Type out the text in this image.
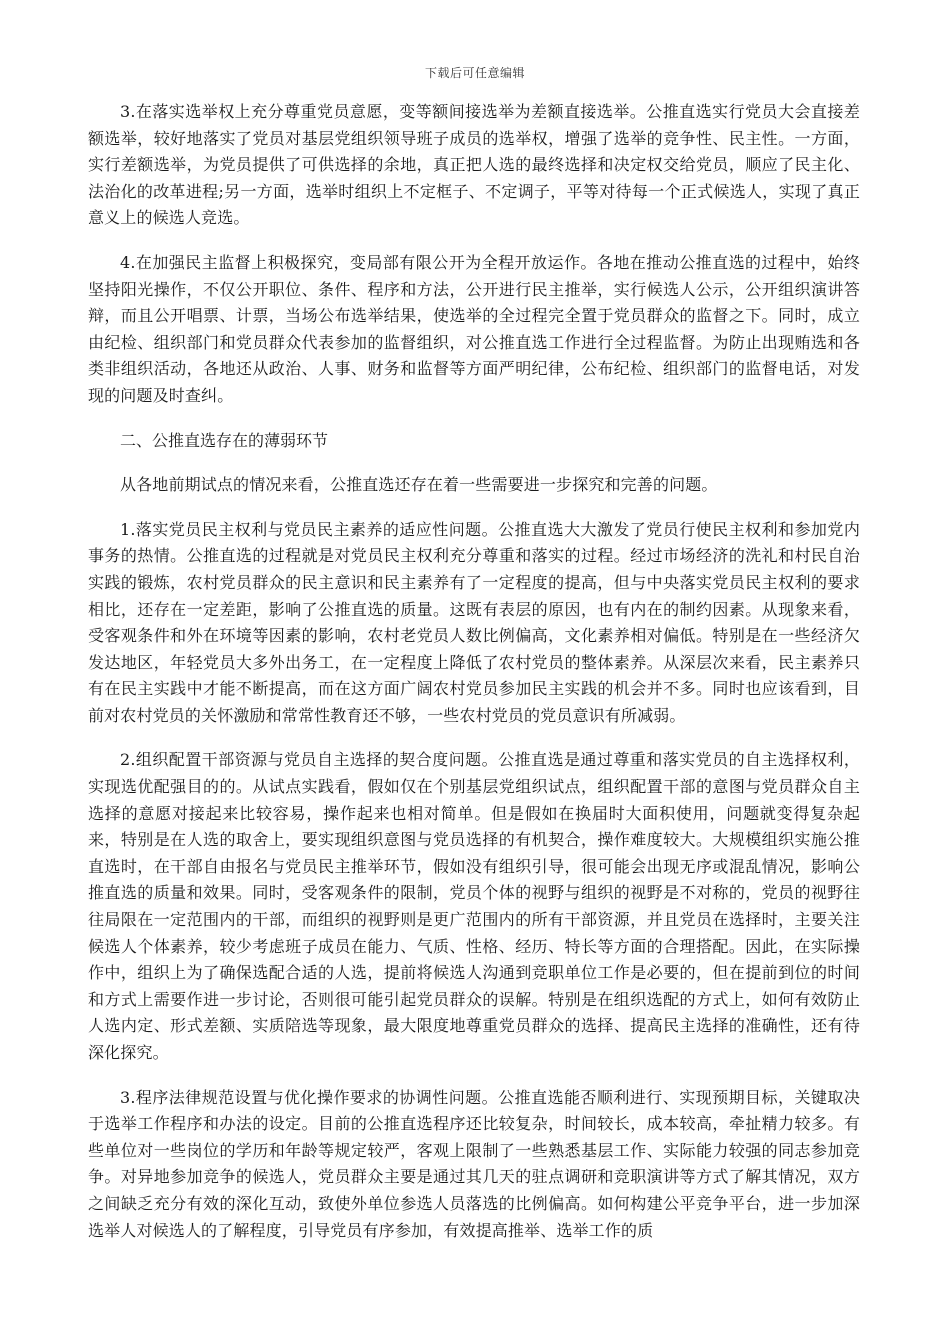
下载后可任意编辑

3.在落实选举权上充分尊重党员意愿，变等额间接选举为差额直接选举。公推直选实行党员大会直接差额选举，较好地落实了党员对基层党组织领导班子成员的选举权，增强了选举的竞争性、民主性。一方面，实行差额选举，为党员提供了可供选择的余地，真正把人选的最终选择和决定权交给党员，顺应了民主化、法治化的改革进程;另一方面，选举时组织上不定框子、不定调子，平等对待每一个正式候选人，实现了真正意义上的候选人竞选。

4.在加强民主监督上积极探究，变局部有限公开为全程开放运作。各地在推动公推直选的过程中，始终坚持阳光操作，不仅公开职位、条件、程序和方法，公开进行民主推举，实行候选人公示，公开组织演讲答辩，而且公开唱票、计票，当场公布选举结果，使选举的全过程完全置于党员群众的监督之下。同时，成立由纪检、组织部门和党员群众代表参加的监督组织，对公推直选工作进行全过程监督。为防止出现贿选和各类非组织活动，各地还从政治、人事、财务和监督等方面严明纪律，公布纪检、组织部门的监督电话，对发现的问题及时查纠。

二、公推直选存在的薄弱环节

从各地前期试点的情况来看，公推直选还存在着一些需要进一步探究和完善的问题。

1.落实党员民主权利与党员民主素养的适应性问题。公推直选大大激发了党员行使民主权利和参加党内事务的热情。公推直选的过程就是对党员民主权利充分尊重和落实的过程。经过市场经济的洗礼和村民自治实践的锻炼，农村党员群众的民主意识和民主素养有了一定程度的提高，但与中央落实党员民主权利的要求相比，还存在一定差距，影响了公推直选的质量。这既有表层的原因，也有内在的制约因素。从现象来看，受客观条件和外在环境等因素的影响，农村老党员人数比例偏高，文化素养相对偏低。特别是在一些经济欠发达地区，年轻党员大多外出务工，在一定程度上降低了农村党员的整体素养。从深层次来看，民主素养只有在民主实践中才能不断提高，而在这方面广阔农村党员参加民主实践的机会并不多。同时也应该看到，目前对农村党员的关怀激励和常常性教育还不够，一些农村党员的党员意识有所减弱。

2.组织配置干部资源与党员自主选择的契合度问题。公推直选是通过尊重和落实党员的自主选择权利，实现选优配强目的的。从试点实践看，假如仅在个别基层党组织试点，组织配置干部的意图与党员群众自主选择的意愿对接起来比较容易，操作起来也相对简单。但是假如在换届时大面积使用，问题就变得复杂起来，特别是在人选的取舍上，要实现组织意图与党员选择的有机契合，操作难度较大。大规模组织实施公推直选时，在干部自由报名与党员民主推举环节，假如没有组织引导，很可能会出现无序或混乱情况，影响公推直选的质量和效果。同时，受客观条件的限制，党员个体的视野与组织的视野是不对称的，党员的视野往往局限在一定范围内的干部，而组织的视野则是更广范围内的所有干部资源，并且党员在选择时，主要关注候选人个体素养，较少考虑班子成员在能力、气质、性格、经历、特长等方面的合理搭配。因此，在实际操作中，组织上为了确保选配合适的人选，提前将候选人沟通到竞职单位工作是必要的，但在提前到位的时间和方式上需要作进一步讨论，否则很可能引起党员群众的误解。特别是在组织选配的方式上，如何有效防止人选内定、形式差额、实质陪选等现象，最大限度地尊重党员群众的选择、提高民主选择的准确性，还有待深化探究。

3.程序法律规范设置与优化操作要求的协调性问题。公推直选能否顺利进行、实现预期目标，关键取决于选举工作程序和办法的设定。目前的公推直选程序还比较复杂，时间较长，成本较高，牵扯精力较多。有些单位对一些岗位的学历和年龄等规定较严，客观上限制了一些熟悉基层工作、实际能力较强的同志参加竞争。对异地参加竞争的候选人，党员群众主要是通过其几天的驻点调研和竞职演讲等方式了解其情况，双方之间缺乏充分有效的深化互动，致使外单位参选人员落选的比例偏高。如何构建公平竞争平台，进一步加深选举人对候选人的了解程度，引导党员有序参加，有效提高推举、选举工作的质
